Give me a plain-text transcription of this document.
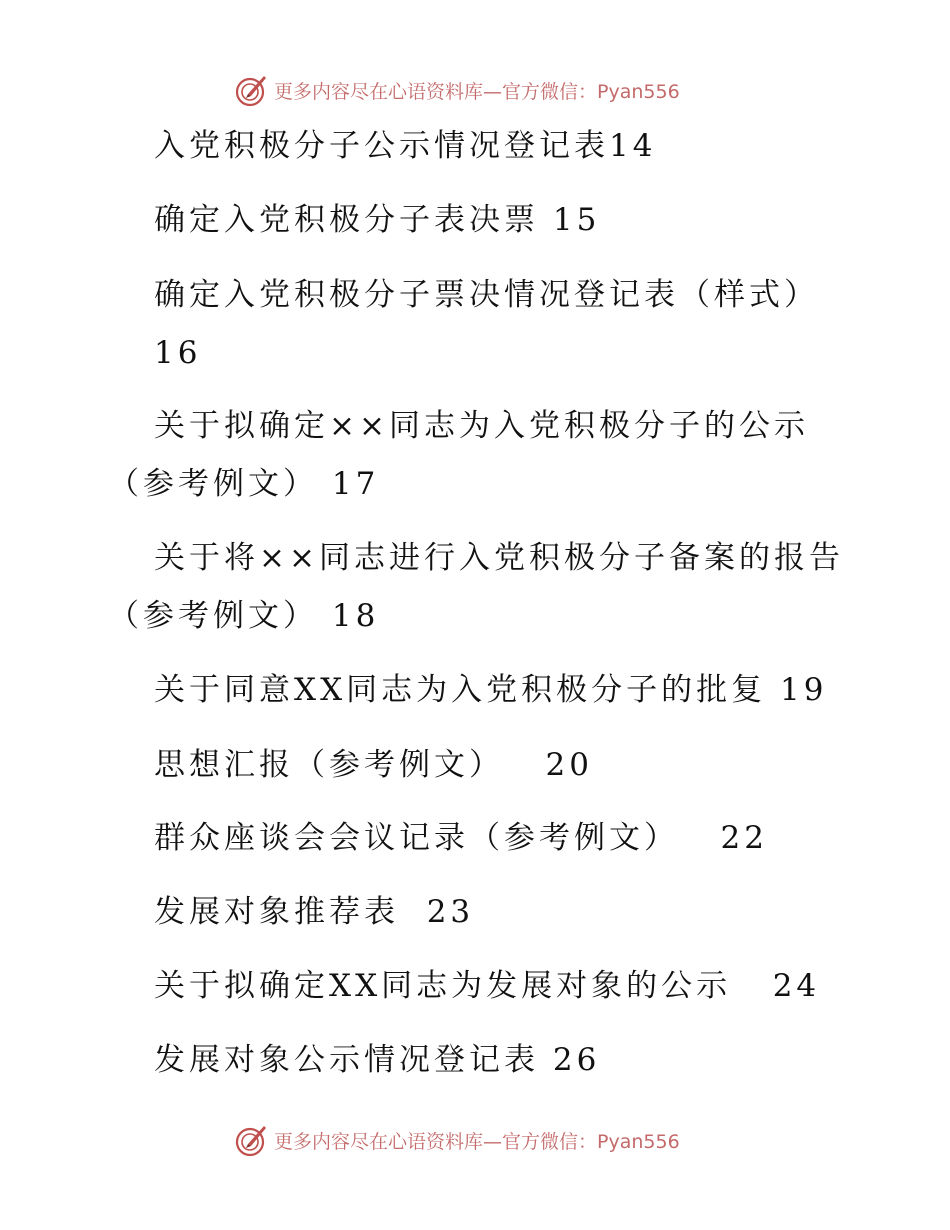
更多内容尽在心语资料库—官方微信：Pyan556
入党积极分子公示情况登记表14
确定入党积极分子表决票 15
确定入党积极分子票决情况登记表（样式）
16
关于拟确定××同志为入党积极分子的公示
（参考例文） 17
关于将××同志进行入党积极分子备案的报告
（参考例文） 18
关于同意XX同志为入党积极分子的批复 19
思想汇报（参考例文）   20
群众座谈会会议记录（参考例文）   22
发展对象推荐表  23
关于拟确定XX同志为发展对象的公示   24
发展对象公示情况登记表 26
更多内容尽在心语资料库—官方微信：Pyan556
